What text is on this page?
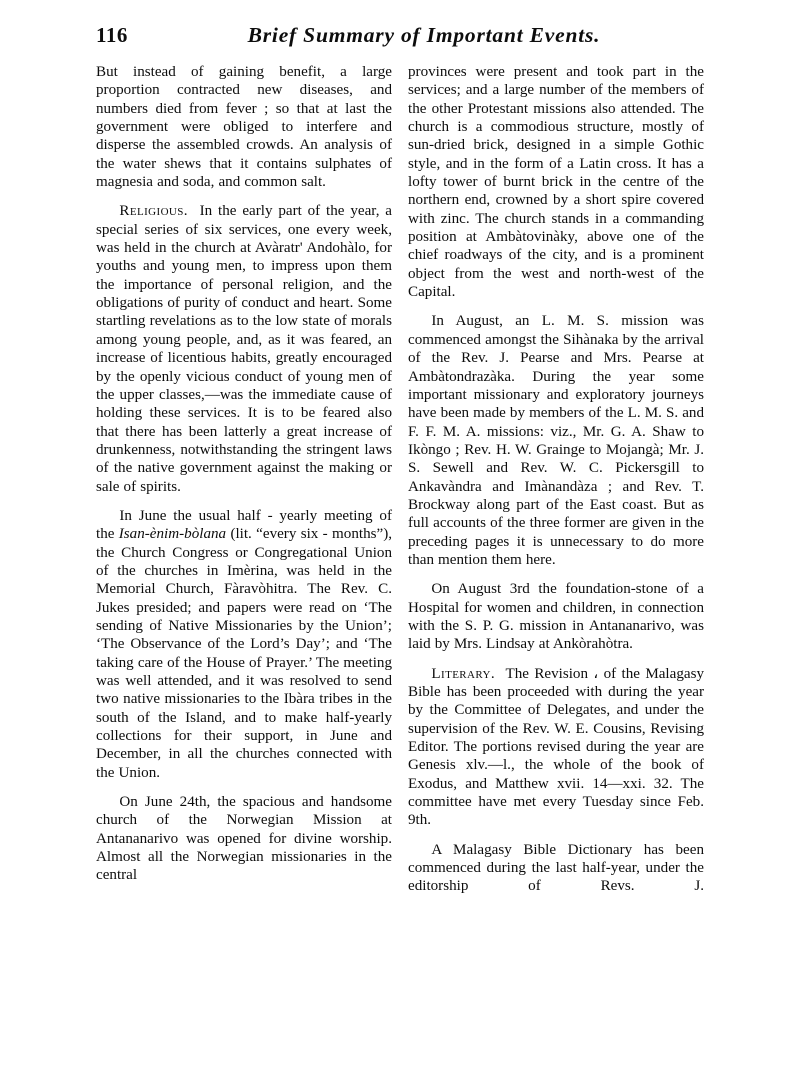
116	Brief Summary of Important Events.

But instead of gaining benefit, a large proportion contracted new diseases, and numbers died from fever ; so that at last the government were obliged to interfere and disperse the assembled crowds. An analysis of the water shews that it contains sulphates of magnesia and soda, and common salt.

Religious. In the early part of the year, a special series of six services, one every week, was held in the church at Avàratr' Andohàlo, for youths and young men, to impress upon them the importance of personal religion, and the obligations of purity of conduct and heart. Some startling revelations as to the low state of morals among young people, and, as it was feared, an increase of licentious habits, greatly encouraged by the openly vicious conduct of young men of the upper classes,—was the immediate cause of holding these services. It is to be feared also that there has been latterly a great increase of drunkenness, notwithstanding the stringent laws of the native government against the making or sale of spirits.

In June the usual half - yearly meeting of the Isan-ènim-bòlana (lit. “every six - months”), the Church Congress or Congregational Union of the churches in Imèrina, was held in the Memorial Church, Fàravòhitra. The Rev. C. Jukes presided; and papers were read on ‘The sending of Native Missionaries by the Union’; ‘The Observance of the Lord’s Day’; and ‘The taking care of the House of Prayer.’ The meeting was well attended, and it was resolved to send two native missionaries to the Ibàra tribes in the south of the Island, and to make half-yearly collections for their support, in June and December, in all the churches connected with the Union.

On June 24th, the spacious and handsome church of the Norwegian Mission at Antananarivo was opened for divine worship. Almost all the Norwegian missionaries in the central

provinces were present and took part in the services; and a large number of the members of the other Protestant missions also attended. The church is a commodious structure, mostly of sun-dried brick, designed in a simple Gothic style, and in the form of a Latin cross. It has a lofty tower of burnt brick in the centre of the northern end, crowned by a short spire covered with zinc. The church stands in a commanding position at Ambàtovinàky, above one of the chief roadways of the city, and is a prominent object from the west and north-west of the Capital.

In August, an L. M. S. mission was commenced amongst the Sihànaka by the arrival of the Rev. J. Pearse and Mrs. Pearse at Ambàtondrazàka. During the year some important missionary and exploratory journeys have been made by members of the L. M. S. and F. F. M. A. missions: viz., Mr. G. A. Shaw to Ikòngo ; Rev. H. W. Grainge to Mojangà; Mr. J. S. Sewell and Rev. W. C. Pickersgill to Ankavàndra and Imànandàza ; and Rev. T. Brockway along part of the East coast. But as full accounts of the three former are given in the preceding pages it is unnecessary to do more than mention them here.

On August 3rd the foundation-stone of a Hospital for women and children, in connection with the S. P. G. mission in Antananarivo, was laid by Mrs. Lindsay at Ankòrahòtra.

Literary. The Revision ، of the Malagasy Bible has been proceeded with during the year by the Committee of Delegates, and under the supervision of the Rev. W. E. Cousins, Revising Editor. The portions revised during the year are Genesis xlv.—l., the whole of the book of Exodus, and Matthew xvii. 14—xxi. 32. The committee have met every Tuesday since Feb. 9th.

A Malagasy Bible Dictionary has been commenced during the last half-year, under the editorship of Revs. J.
